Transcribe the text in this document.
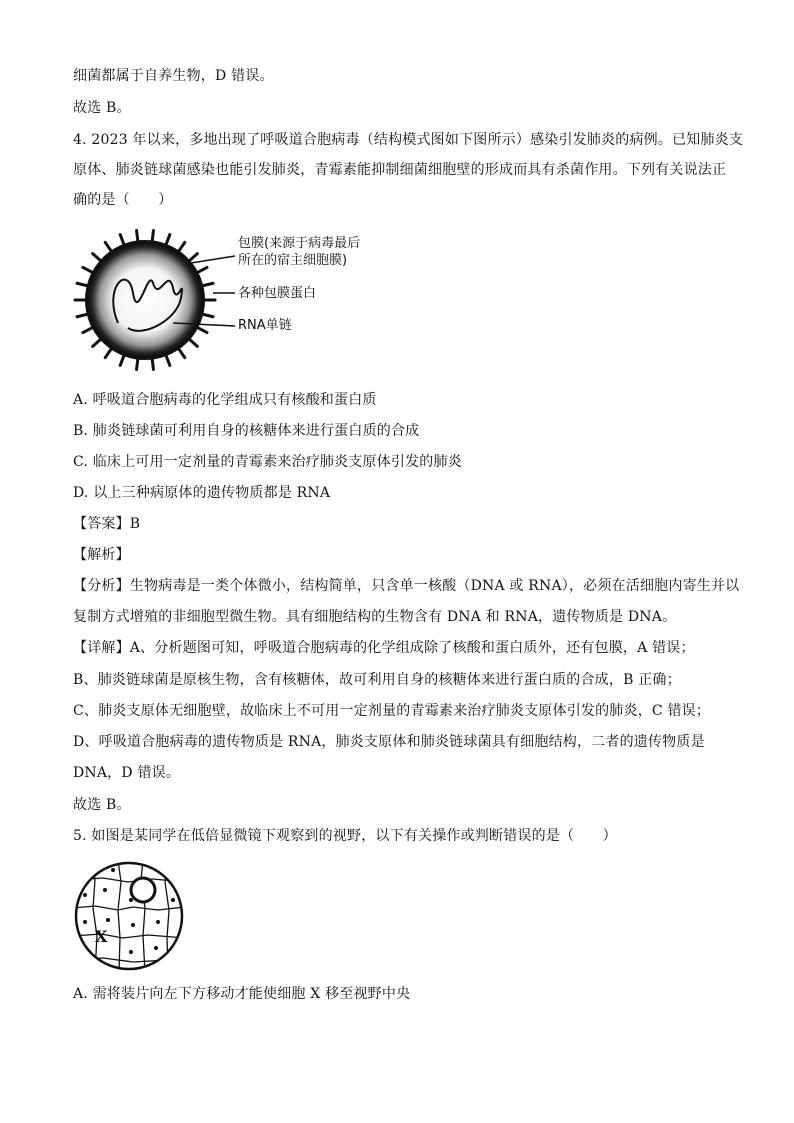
细菌都属于自养生物，D 错误。
故选 B。
4. 2023 年以来，多地出现了呼吸道合胞病毒（结构模式图如下图所示）感染引发肺炎的病例。已知肺炎支
原体、肺炎链球菌感染也能引发肺炎，青霉素能抑制细菌细胞壁的形成而具有杀菌作用。下列有关说法正
确的是（　　）
包膜(来源于病毒最后
所在的宿主细胞膜)
各种包膜蛋白
RNA单链
A. 呼吸道合胞病毒的化学组成只有核酸和蛋白质
B. 肺炎链球菌可利用自身的核糖体来进行蛋白质的合成
C. 临床上可用一定剂量的青霉素来治疗肺炎支原体引发的肺炎
D. 以上三种病原体的遗传物质都是 RNA
【答案】B
【解析】
【分析】生物病毒是一类个体微小，结构简单，只含单一核酸（DNA 或 RNA），必须在活细胞内寄生并以
复制方式增殖的非细胞型微生物。具有细胞结构的生物含有 DNA 和 RNA，遗传物质是 DNA。
【详解】A、分析题图可知，呼吸道合胞病毒的化学组成除了核酸和蛋白质外，还有包膜，A 错误；
B、肺炎链球菌是原核生物，含有核糖体，故可利用自身的核糖体来进行蛋白质的合成，B 正确；
C、肺炎支原体无细胞壁，故临床上不可用一定剂量的青霉素来治疗肺炎支原体引发的肺炎，C 错误；
D、呼吸道合胞病毒的遗传物质是 RNA，肺炎支原体和肺炎链球菌具有细胞结构，二者的遗传物质是
DNA，D 错误。
故选 B。
5. 如图是某同学在低倍显微镜下观察到的视野，以下有关操作或判断错误的是（　　）
X
A. 需将装片向左下方移动才能使细胞 X 移至视野中央
